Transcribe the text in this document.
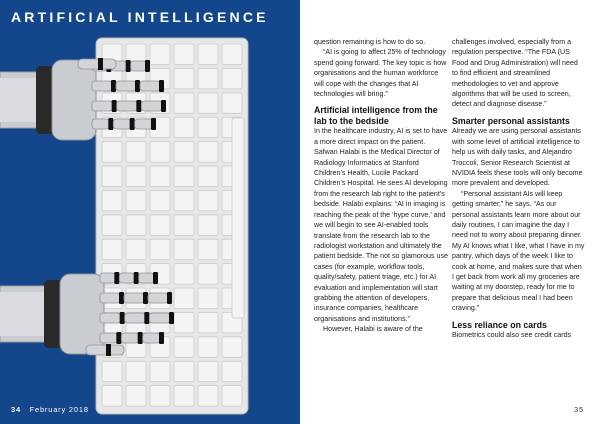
ARTIFICIAL INTELLIGENCE
34 February 2018

question remaining is how to do so.

“AI is going to affect 25% of technology spend going forward. The key topic is how organisations and the human workforce will cope with the changes that AI technologies will bring.”

Artificial intelligence from the lab to the bedside

In the healthcare industry, AI is set to have a more direct impact on the patient. Safwan Halabi is the Medical Director of Radiology Informatics at Stanford Children’s Health, Lucile Packard Children’s Hospital. He sees AI developing from the research lab right to the patient’s bedside. Halabi explains: “AI in imaging is reaching the peak of the ‘hype curve,’ and we will begin to see AI-enabled tools translate from the research lab to the radiologist workstation and ultimately the patient bedside. The not so glamorous use cases (for example, workflow tools, quality/safety, patient triage, etc.) for AI evaluation and implementation will start grabbing the attention of developers, insurance companies, healthcare organisations and institutions.”

However, Halabi is aware of the

challenges involved, especially from a regulation perspective. “The FDA (US Food and Drug Administration) will need to find efficient and streamlined methodologies to vet and approve algorithms that will be used to screen, detect and diagnose disease.”

Smarter personal assistants

Already we are using personal assistants with some level of artificial intelligence to help us with daily tasks, and Alejandro Troccoli, Senior Research Scientist at NVIDIA feels these tools will only become more prevalent and developed.

“Personal assistant AIs will keep getting smarter,” he says. “As our personal assistants learn more about our daily routines, I can imagine the day I need not to worry about preparing dinner. My AI knows what I like, what I have in my pantry, which days of the week I like to cook at home, and makes sure that when I get back from work all my groceries are waiting at my doorstep, ready for me to prepare that delicious meal I had been craving.”

Less reliance on cards

Biometrics could also see credit cards

35
